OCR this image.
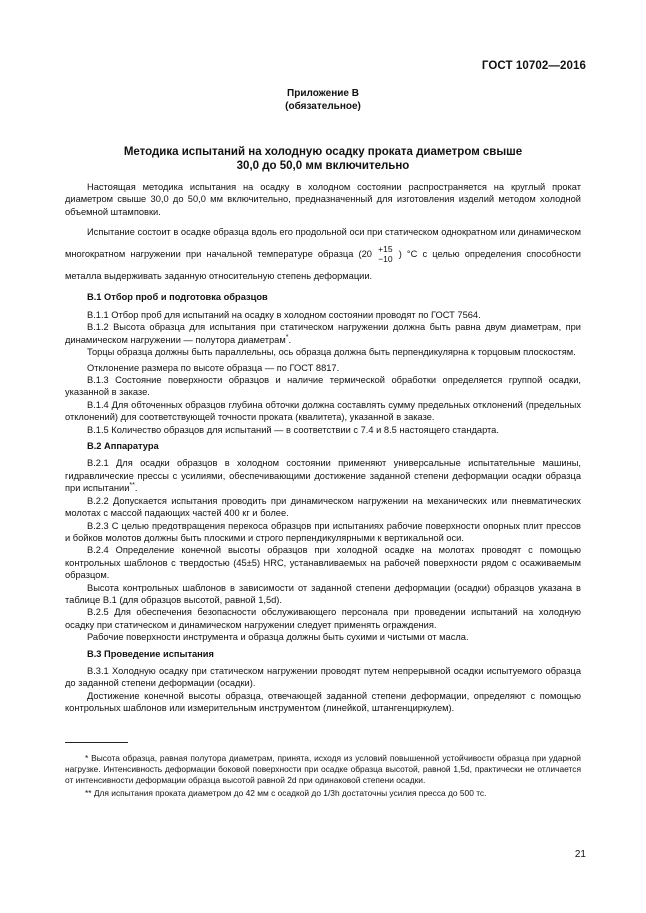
ГОСТ 10702—2016
Приложение В
(обязательное)
Методика испытаний на холодную осадку проката диаметром свыше
30,0 до 50,0 мм включительно

Настоящая методика испытания на осадку в холодном состоянии распространяется на круглый прокат диаметром свыше 30,0 до 50,0 мм включительно, предназначенный для изготовления изделий методом холодной объемной штамповки.

Испытание состоит в осадке образца вдоль его продольной оси при статическом однократном или динамическом многократном нагружении при начальной температуре образца (20 +15
−10 ) °С с целью определения способности металла выдерживать заданную относительную степень деформации.

В.1 Отбор проб и подготовка образцов

В.1.1 Отбор проб для испытаний на осадку в холодном состоянии проводят по ГОСТ 7564.

В.1.2 Высота образца для испытания при статическом нагружении должна быть равна двум диаметрам, при динамическом нагружении — полутора диаметрам*.

Торцы образца должны быть параллельны, ось образца должна быть перпендикулярна к торцовым плоскостям.

Отклонение размера по высоте образца — по ГОСТ 8817.

В.1.3 Состояние поверхности образцов и наличие термической обработки определяется группой осадки, указанной в заказе.

В.1.4 Для обточенных образцов глубина обточки должна составлять сумму предельных отклонений (предельных отклонений) для соответствующей точности проката (квалитета), указанной в заказе.

В.1.5 Количество образцов для испытаний — в соответствии с 7.4 и 8.5 настоящего стандарта.

В.2 Аппаратура

В.2.1 Для осадки образцов в холодном состоянии применяют универсальные испытательные машины, гидравлические прессы с усилиями, обеспечивающими достижение заданной степени деформации осадки образца при испытании**.

В.2.2 Допускается испытания проводить при динамическом нагружении на механических или пневматических молотах с массой падающих частей 400 кг и более.

В.2.3 С целью предотвращения перекоса образцов при испытаниях рабочие поверхности опорных плит прессов и бойков молотов должны быть плоскими и строго перпендикулярными к вертикальной оси.

В.2.4 Определение конечной высоты образцов при холодной осадке на молотах проводят с помощью контрольных шаблонов с твердостью (45±5) HRC, устанавливаемых на рабочей поверхности рядом с осаживаемым образцом.

Высота контрольных шаблонов в зависимости от заданной степени деформации (осадки) образцов указана в таблице В.1 (для образцов высотой, равной 1,5d).

В.2.5 Для обеспечения безопасности обслуживающего персонала при проведении испытаний на холодную осадку при статическом и динамическом нагружении следует применять ограждения.

Рабочие поверхности инструмента и образца должны быть сухими и чистыми от масла.

В.3 Проведение испытания

В.3.1 Холодную осадку при статическом нагружении проводят путем непрерывной осадки испытуемого образца до заданной степени деформации (осадки).

Достижение конечной высоты образца, отвечающей заданной степени деформации, определяют с помощью контрольных шаблонов или измерительным инструментом (линейкой, штангенциркулем).

* Высота образца, равная полутора диаметрам, принята, исходя из условий повышенной устойчивости образца при ударной нагрузке. Интенсивность деформации боковой поверхности при осадке образца высотой, равной 1,5d, практически не отличается от интенсивности деформации образца высотой равной 2d при одинаковой степени осадки.

** Для испытания проката диаметром до 42 мм с осадкой до 1/3h достаточны усилия пресса до 500 тс.

21
